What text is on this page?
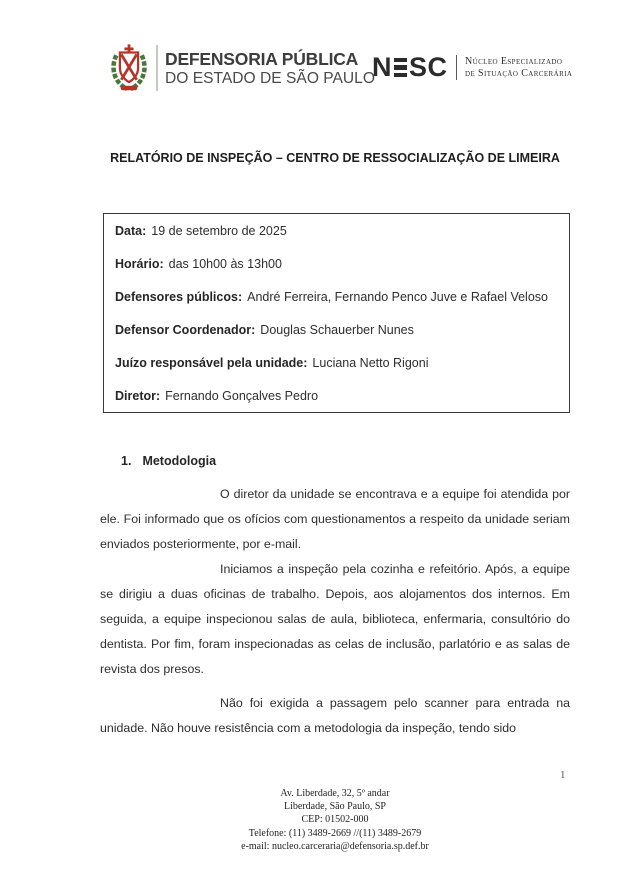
DEFENSORIA PÚBLICA
DO ESTADO DE SÃO PAULO
N SC Núcleo Especializado
de Situação Carcerária
RELATÓRIO DE INSPEÇÃO – CENTRO DE RESSOCIALIZAÇÃO DE LIMEIRA
Data: 19 de setembro de 2025
Horário: das 10h00 às 13h00
Defensores públicos: André Ferreira, Fernando Penco Juve e Rafael Veloso
Defensor Coordenador: Douglas Schauerber Nunes
Juízo responsável pela unidade: Luciana Netto Rigoni
Diretor: Fernando Gonçalves Pedro
1. Metodologia

O diretor da unidade se encontrava e a equipe foi atendida por ele. Foi informado que os ofícios com questionamentos a respeito da unidade seriam enviados posteriormente, por e-mail.

Iniciamos a inspeção pela cozinha e refeitório. Após, a equipe se dirigiu a duas oficinas de trabalho. Depois, aos alojamentos dos internos. Em seguida, a equipe inspecionou salas de aula, biblioteca, enfermaria, consultório do dentista. Por fim, foram inspecionadas as celas de inclusão, parlatório e as salas de revista dos presos.

Não foi exigida a passagem pelo scanner para entrada na unidade. Não houve resistência com a metodologia da inspeção, tendo sido

1
Av. Liberdade, 32, 5º andar
Liberdade, São Paulo, SP
CEP: 01502-000
Telefone: (11) 3489-2669 //(11) 3489-2679
e-mail: nucleo.carceraria@defensoria.sp.def.br
